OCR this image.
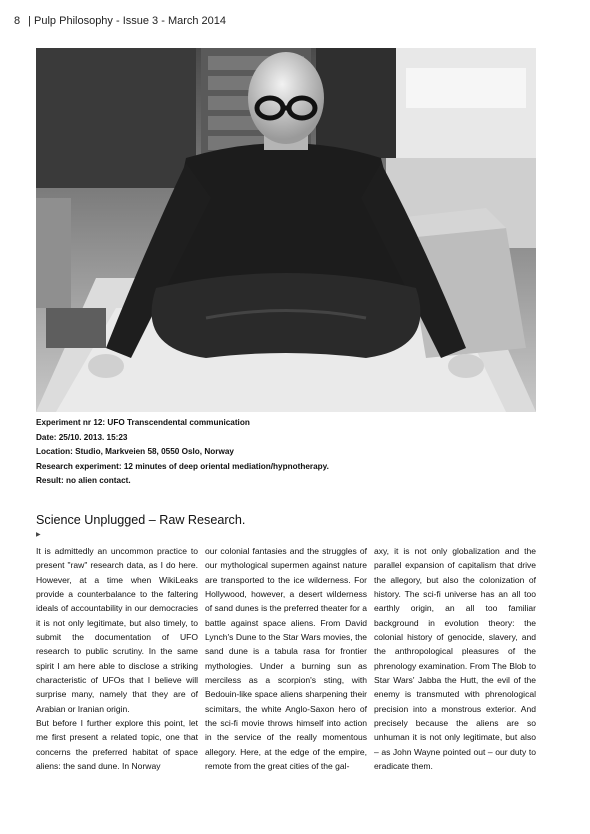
8 | Pulp Philosophy - Issue 3 - March 2014
Experiment nr 12: UFO Transcendental communication
Date: 25/10. 2013. 15:23
Location: Studio, Markveien 58, 0550 Oslo, Norway
Research experiment: 12 minutes of deep oriental mediation/hypnotherapy.
Result: no alien contact.
Science Unplugged – Raw Research.
▶

It is admittedly an uncommon practice to present "raw" research data, as I do here. However, at a time when WikiLeaks provide a counterbalance to the faltering ideals of accountability in our democracies it is not only legitimate, but also timely, to submit the documentation of UFO research to public scrutiny. In the same spirit I am here able to disclose a striking characteristic of UFOs that I believe will surprise many, namely that they are of Arabian or Iranian origin.

But before I further explore this point, let me first present a related topic, one that concerns the preferred habitat of space aliens: the sand dune. In Norway

our colonial fantasies and the struggles of our mythological supermen against nature are transported to the ice wilderness. For Hollywood, however, a desert wilderness of sand dunes is the preferred theater for a battle against space aliens. From David Lynch's Dune to the Star Wars movies, the sand dune is a tabula rasa for frontier mythologies. Under a burning sun as merciless as a scorpion's sting, with Bedouin-like space aliens sharpening their scimitars, the white Anglo-Saxon hero of the sci-fi movie throws himself into action in the service of the really momentous allegory. Here, at the edge of the empire, remote from the great cities of the gal-

axy, it is not only globalization and the parallel expansion of capitalism that drive the allegory, but also the colonization of history. The sci-fi universe has an all too earthly origin, an all too familiar background in evolution theory: the colonial history of genocide, slavery, and the anthropological pleasures of the phrenology examination. From The Blob to Star Wars' Jabba the Hutt, the evil of the enemy is transmuted with phrenological precision into a monstrous exterior. And precisely because the aliens are so unhuman it is not only legitimate, but also – as John Wayne pointed out – our duty to eradicate them.
